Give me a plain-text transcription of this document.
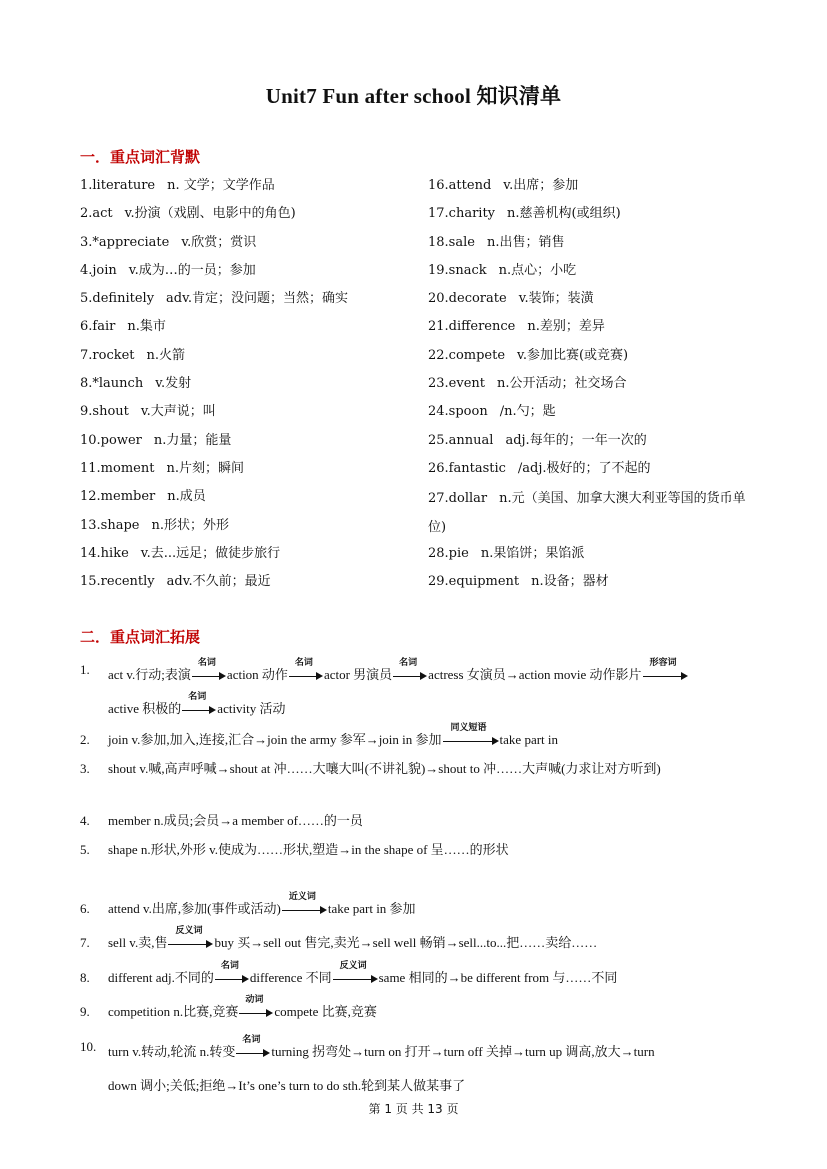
Unit7 Fun after school 知识清单
一．重点词汇背默
1.literature n. 文学；文学作品
2.act v.扮演（戏剧、电影中的角色)
3.*appreciate v.欣赏；赏识
4.join v.成为…的一员；参加
5.definitely adv.肯定；没问题；当然；确实
6.fair n.集市
7.rocket n.火箭
8.*launch v.发射
9.shout v.大声说；叫
10.power n.力量；能量
11.moment n.片刻；瞬间
12.member n.成员
13.shape n.形状；外形
14.hike v.去...远足；做徒步旅行
15.recently adv.不久前；最近
16.attend v.出席；参加
17.charity n.慈善机构(或组织)
18.sale n.出售；销售
19.snack n.点心；小吃
20.decorate v.装饰；装潢
21.difference n.差别；差异
22.compete v.参加比赛(或竞赛)
23.event n.公开活动；社交场合
24.spoon /n.勺；匙
25.annual adj.每年的；一年一次的
26.fantastic /adj.极好的；了不起的
27.dollar n.元（美国、加拿大澳大利亚等国的货币单位)
28.pie n.果馅饼；果馅派
29.equipment n.设备；器材
二．重点词汇拓展
1.	act v.行动;表演
名词
action 动作
名词
actor 男演员
名词
actress 女演员→action movie 动作影片
形容词
active 积极的
名词
activity 活动
2.	join v.参加,加入,连接,汇合→join the army 参军→join in 参加
同义短语
take part in
3.	shout v.喊,高声呼喊→shout at 冲……大嚷大叫(不讲礼貌)→shout to 冲……大声喊(力求让对方听到)
4.	member n.成员;会员→a member of……的一员
5.	shape n.形状,外形 v.使成为……形状,塑造→in the shape of 呈……的形状
6.	attend v.出席,参加(事件或活动)
近义词
take part in 参加
7.	sell v.卖,售
反义词
buy 买→sell out 售完,卖光→sell well 畅销→sell...to...把……卖给……
8.	different adj.不同的
名词
difference 不同
反义词
same 相同的→be different from 与……不同
9.	competition n.比赛,竞赛
动词
compete 比赛,竞赛
10. turn v.转动,轮流 n.转变
名词
turning 拐弯处→turn on 打开→turn off 关掉→turn up 调高,放大→turn
down 调小;关低;拒绝→It’s one’s turn to do sth.轮到某人做某事了
第 1 页 共 13 页
